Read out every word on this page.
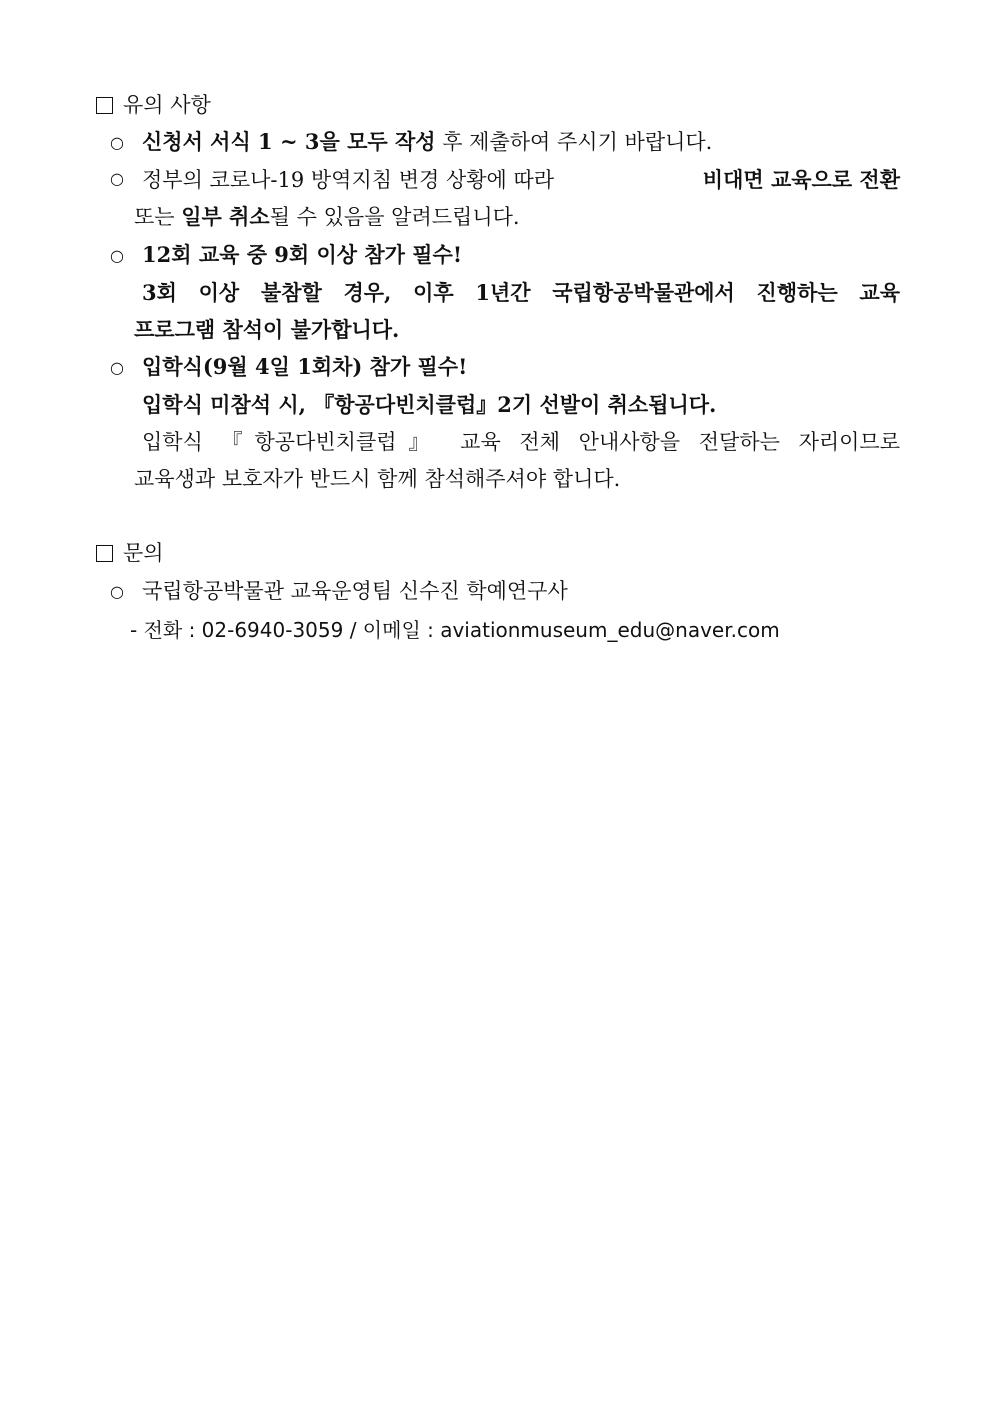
유의 사항
○ 신청서 서식 1 ~ 3을 모두 작성 후 제출하여 주시기 바랍니다.
○ 정부의 코로나-19 방역지침 변경 상황에 따라	비대면 교육으로 전환
또는 일부 취소될 수 있음을 알려드립니다.
○ 12회 교육 중 9회 이상 참가 필수!
3회 이상 불참할 경우, 이후 1년간 국립항공박물관에서 진행하는 교육
프로그램 참석이 불가합니다.
○ 입학식(9월 4일 1회차) 참가 필수!
입학식 미참석 시, 『항공다빈치클럽』2기 선발이 취소됩니다.
입학식 『항공다빈치클럽』 교육 전체 안내사항을 전달하는 자리이므로
교육생과 보호자가 반드시 함께 참석해주셔야 합니다.
문의
○ 국립항공박물관 교육운영팀 신수진 학예연구사
- 전화 : 02-6940-3059 / 이메일 : aviationmuseum_edu@naver.com
